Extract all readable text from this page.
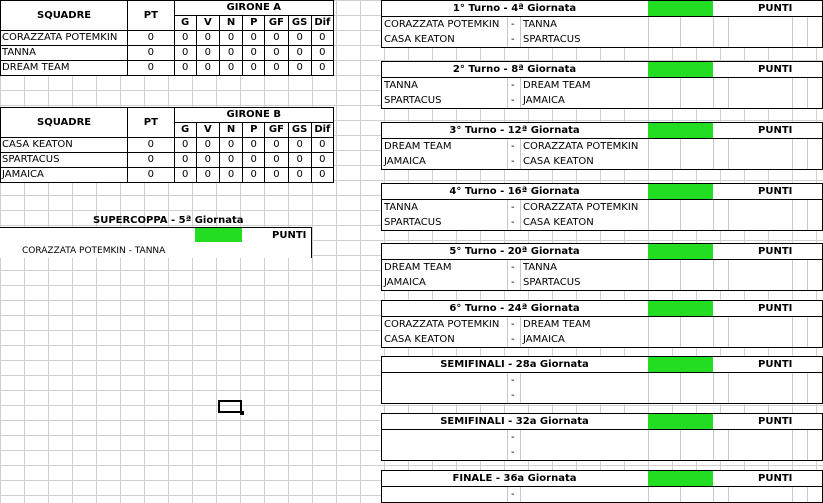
SQUADRE	PT	GIRONE A						
		G	V	N	P	GF	GS	Dif
CORAZZATA POTEMKIN	0	0	0	0	0	0	0	0
TANNA	0	0	0	0	0	0	0	0
DREAM TEAM	0	0	0	0	0	0	0	0
SQUADRE	PT	GIRONE B						
		G	V	N	P	GF	GS	Dif
CASA KEATON	0	0	0	0	0	0	0	0
SPARTACUS	0	0	0	0	0	0	0	0
JAMAICA	0	0	0	0	0	0	0	0
SUPERCOPPA - 5ª Giornata
PUNTI
CORAZZATA POTEMKIN - TANNA
1° Turno - 4ª Giornata	PUNTI
CORAZZATA POTEMKIN - TANNA
CASA KEATON	- SPARTACUS
2° Turno - 8ª Giornata	PUNTI
TANNA	- DREAM TEAM
SPARTACUS	- JAMAICA
3° Turno - 12ª Giornata	PUNTI
DREAM TEAM	- CORAZZATA POTEMKIN
JAMAICA	- CASA KEATON
4° Turno - 16ª Giornata	PUNTI
TANNA	- CORAZZATA POTEMKIN
SPARTACUS	- CASA KEATON
5° Turno - 20ª Giornata	PUNTI
DREAM TEAM	- TANNA
JAMAICA	- SPARTACUS
6° Turno - 24ª Giornata	PUNTI
CORAZZATA POTEMKIN - DREAM TEAM
CASA KEATON	- JAMAICA
SEMIFINALI - 28a Giornata	PUNTI
-
-
SEMIFINALI - 32a Giornata	PUNTI
-
-
FINALE - 36a Giornata	PUNTI
-
